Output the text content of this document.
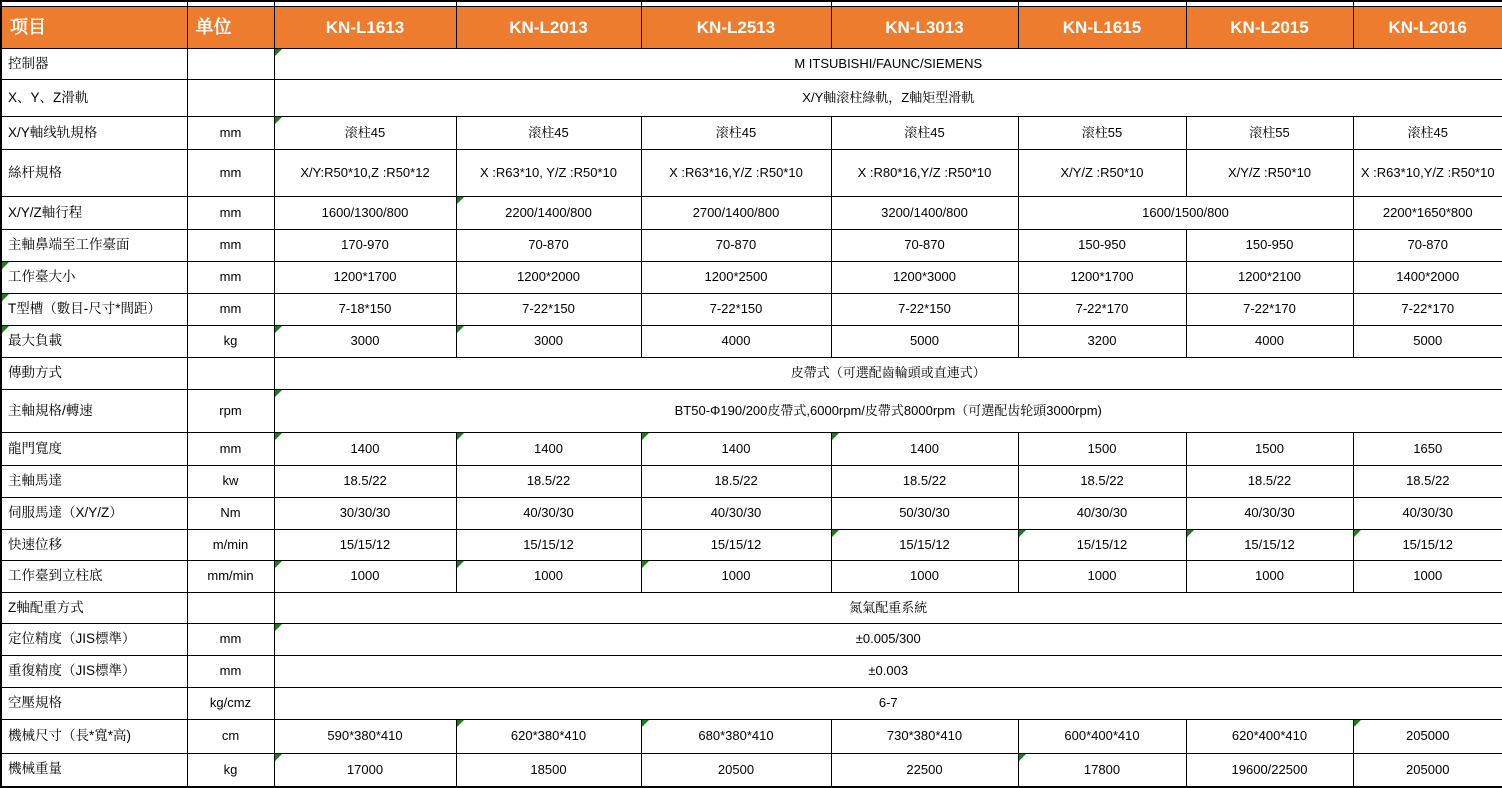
项目	单位	KN-L1613	KN-L2013	KN-L2513	KN-L3013	KN-L1615	KN-L2015	KN-L2016
控制器		M ITSUBISHI/FAUNC/SIEMENS						

X、Y、Z滑軌		X/Y軸滚柱綠軌，Z軸矩型滑軌						
X/Y軸线轨規格	mm	滚柱45	滚柱45	滚柱45	滚柱45	滚柱55	滚柱55	滚柱45
絲杆規格	mm	X/Y:R50*10,Z :R50*12	X :R63*10, Y/Z :R50*10	X :R63*16,Y/Z :R50*10	X :R80*16,Y/Z :R50*10	X/Y/Z :R50*10	X/Y/Z :R50*10	X :R63*10,Y/Z :R50*10
X/Y/Z軸行程	mm	1600/1300/800	2200/1400/800	2700/1400/800	3200/1400/800	1600/1500/800		2200*1650*800
主軸鼻端至工作臺面	mm	170-970	70-870	70-870	70-870	150-950	150-950	70-870
工作臺大小	mm	1200*1700	1200*2000	1200*2500	1200*3000	1200*1700	1200*2100	1400*2000
T型槽（數目-尺寸*間距）	mm	7-18*150	7-22*150	7-22*150	7-22*150	7-22*170	7-22*170	7-22*170
最大負載	kg	3000	3000	4000	5000	3200	4000	5000
傳動方式		皮帶式（可選配齒輪頭或直連式）						
主軸規格/轉速	rpm	BT50-Φ190/200皮帶式,6000rpm/皮帶式8000rpm（可選配齿轮頭3000rpm)						

龍門寬度	mm	1400	1400	1400	1400	1500	1500	1650
主軸馬達	kw	18.5/22	18.5/22	18.5/22	18.5/22	18.5/22	18.5/22	18.5/22
伺服馬達（X/Y/Z）	Nm	30/30/30	40/30/30	40/30/30	50/30/30	40/30/30	40/30/30	40/30/30
快速位移	m/min	15/15/12	15/15/12	15/15/12	15/15/12	15/15/12	15/15/12	15/15/12

工作臺到立柱底	mm/min	1000	1000	1000	1000	1000	1000	1000
Z軸配重方式		氮氣配重系統						
定位精度（JIS標準）	mm	±0.005/300						

重復精度（JIS標準）	mm	±0.003						
空壓規格	kg/cmz	6-7						
機械尺寸（長*寬*高)	cm	590*380*410	620*380*410	680*380*410	730*380*410	600*400*410	620*400*410	205000

機械重量	kg	17000	18500	20500	22500	17800	19600/22500	205000
